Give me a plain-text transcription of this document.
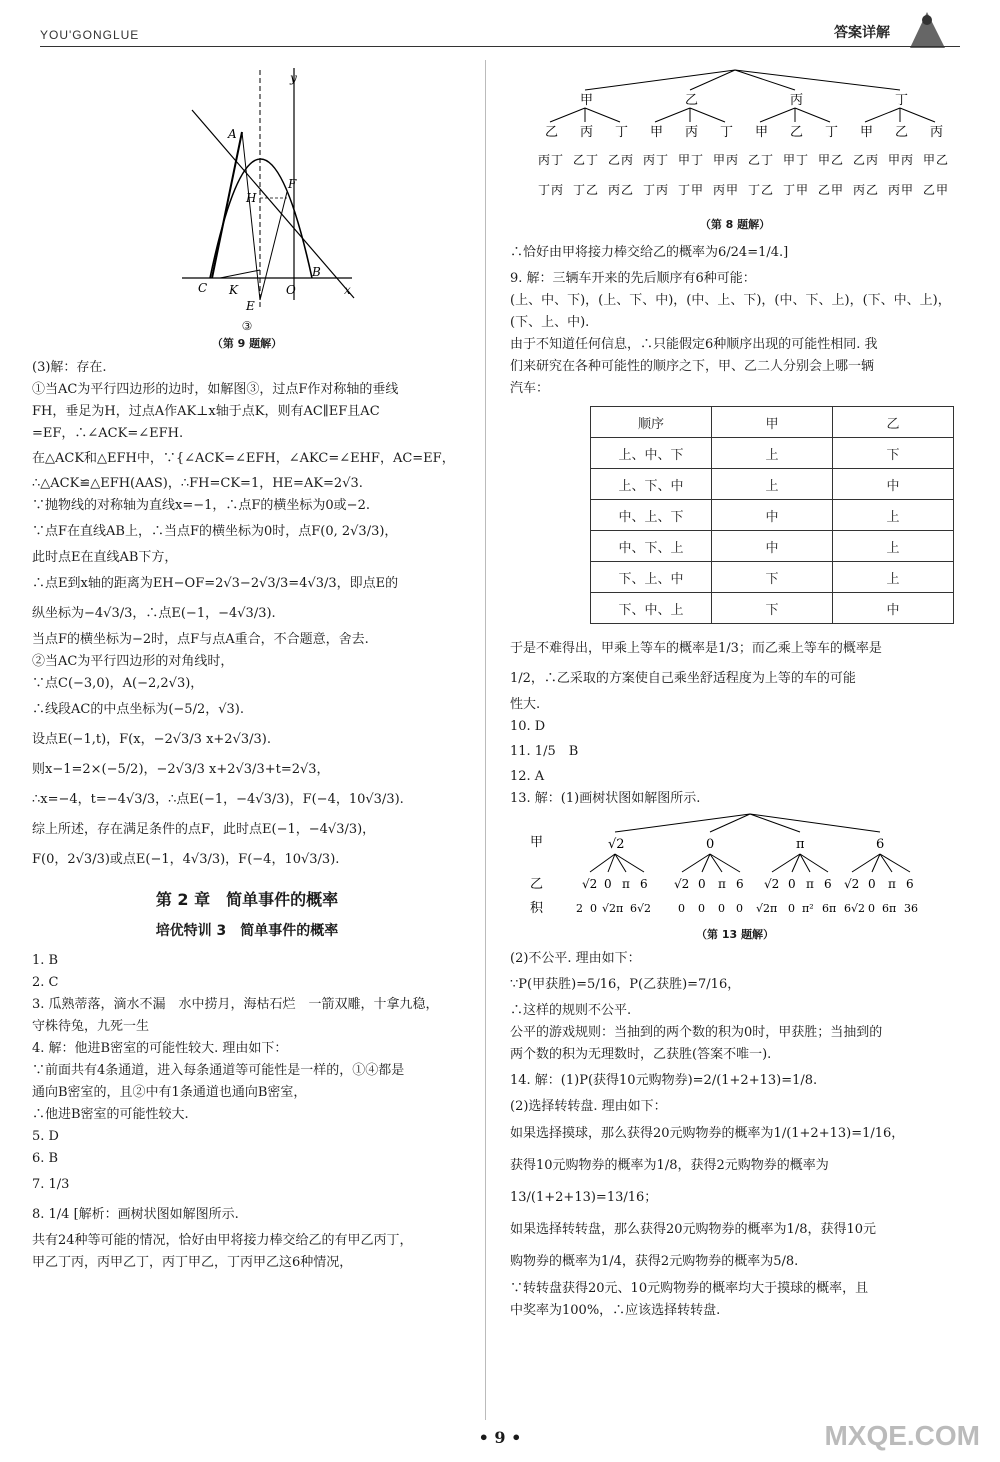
YOU'GONGLUE	答案详解
y
A
H
F
C K	O
B
x
E
③
（第 9 题解）

(3)解：存在.

①当AC为平行四边形的边时，如解图③，过点F作对称轴的垂线

FH，垂足为H，过点A作AK⊥x轴于点K，则有AC∥EF且AC

=EF，∴∠ACK=∠EFH.

在△ACK和△EFH中，∵{∠ACK=∠EFH，∠AKC=∠EHF，AC=EF，

∴△ACK≌△EFH(AAS)，∴FH=CK=1，HE=AK=2√3.

∵抛物线的对称轴为直线x=−1，∴点F的横坐标为0或−2.

∵点F在直线AB上，∴当点F的横坐标为0时，点F(0, 2√3/3)，

此时点E在直线AB下方，

∴点E到x轴的距离为EH−OF=2√3−2√3/3=4√3/3，即点E的

纵坐标为−4√3/3，∴点E(−1，−4√3/3).

当点F的横坐标为−2时，点F与点A重合，不合题意，舍去.

②当AC为平行四边形的对角线时，

∵点C(−3,0)，A(−2,2√3)，

∴线段AC的中点坐标为(−5/2，√3).

设点E(−1,t)，F(x，−2√3/3 x+2√3/3).

则x−1=2×(−5/2)，−2√3/3 x+2√3/3+t=2√3，

∴x=−4，t=−4√3/3，∴点E(−1，−4√3/3)，F(−4，10√3/3).

综上所述，存在满足条件的点F，此时点E(−1，−4√3/3)，

F(0，2√3/3)或点E(−1，4√3/3)，F(−4，10√3/3).

第 2 章　简单事件的概率
培优特训 3　简单事件的概率

1. B

2. C

3. 瓜熟蒂落，滴水不漏　水中捞月，海枯石烂　一箭双雕，十拿九稳，

守株待兔，九死一生

4. 解：他进B密室的可能性较大. 理由如下：

∵前面共有4条通道，进入每条通道等可能性是一样的，①④都是

通向B密室的，且②中有1条通道也通向B密室，

∴他进B密室的可能性较大.

5. D

6. B

7. 1/3

8. 1/4 [解析：画树状图如解图所示.

共有24种等可能的情况，恰好由甲将接力棒交给乙的有甲乙丙丁，

甲乙丁丙，丙甲乙丁，丙丁甲乙，丁丙甲乙这6种情况，

甲	乙	丙	丁
乙 丙 丁 甲 丙 丁 甲 乙 丁 甲 乙 丙
丙丁 乙丁 乙丙 丙丁 甲丁 甲丙 乙丁 甲丁 甲乙 乙丙 甲丙 甲乙
丁丙 丁乙 丙乙 丁丙 丁甲 丙甲 丁乙 丁甲 乙甲 丙乙 丙甲 乙甲
（第 8 题解）

∴恰好由甲将接力棒交给乙的概率为6/24=1/4.]

9. 解：三辆车开来的先后顺序有6种可能：

(上、中、下)，(上、下、中)，(中、上、下)，(中、下、上)，(下、中、上)，

(下、上、中).

由于不知道任何信息，∴只能假定6种顺序出现的可能性相同. 我

们来研究在各种可能性的顺序之下，甲、乙二人分别会上哪一辆

汽车：

顺序	甲	乙
上、中、下	上	下
上、下、中	上	中
中、上、下	中	上
中、下、上	中	上
下、上、中	下	上
下、中、上	下	中

于是不难得出，甲乘上等车的概率是1/3；而乙乘上等车的概率是

1/2，∴乙采取的方案使自己乘坐舒适程度为上等的车的可能

性大.

10. D

11. 1/5　B

12. A

13. 解：(1)画树状图如解图所示.

甲	√2	0	π	6
乙	√2 0 π 6 √2 0 π 6 √2 0 π 6 √2 0 π 6
积	2 0 √2π 6√2 0 0 0 0 √2π 0 π² 6π 6√2 0 6π 36
（第 13 题解）

(2)不公平. 理由如下：

∵P(甲获胜)=5/16，P(乙获胜)=7/16，

∴这样的规则不公平.

公平的游戏规则：当抽到的两个数的积为0时，甲获胜；当抽到的

两个数的积为无理数时，乙获胜(答案不唯一).

14. 解：(1)P(获得10元购物券)=2/(1+2+13)=1/8.

(2)选择转转盘. 理由如下：

如果选择摸球，那么获得20元购物券的概率为1/(1+2+13)=1/16，

获得10元购物券的概率为1/8，获得2元购物券的概率为

13/(1+2+13)=13/16；

如果选择转转盘，那么获得20元购物券的概率为1/8，获得10元

购物券的概率为1/4，获得2元购物券的概率为5/8.

∵转转盘获得20元、10元购物券的概率均大于摸球的概率，且

中奖率为100%，∴应该选择转转盘.

• 9 •	MXQE.COM
